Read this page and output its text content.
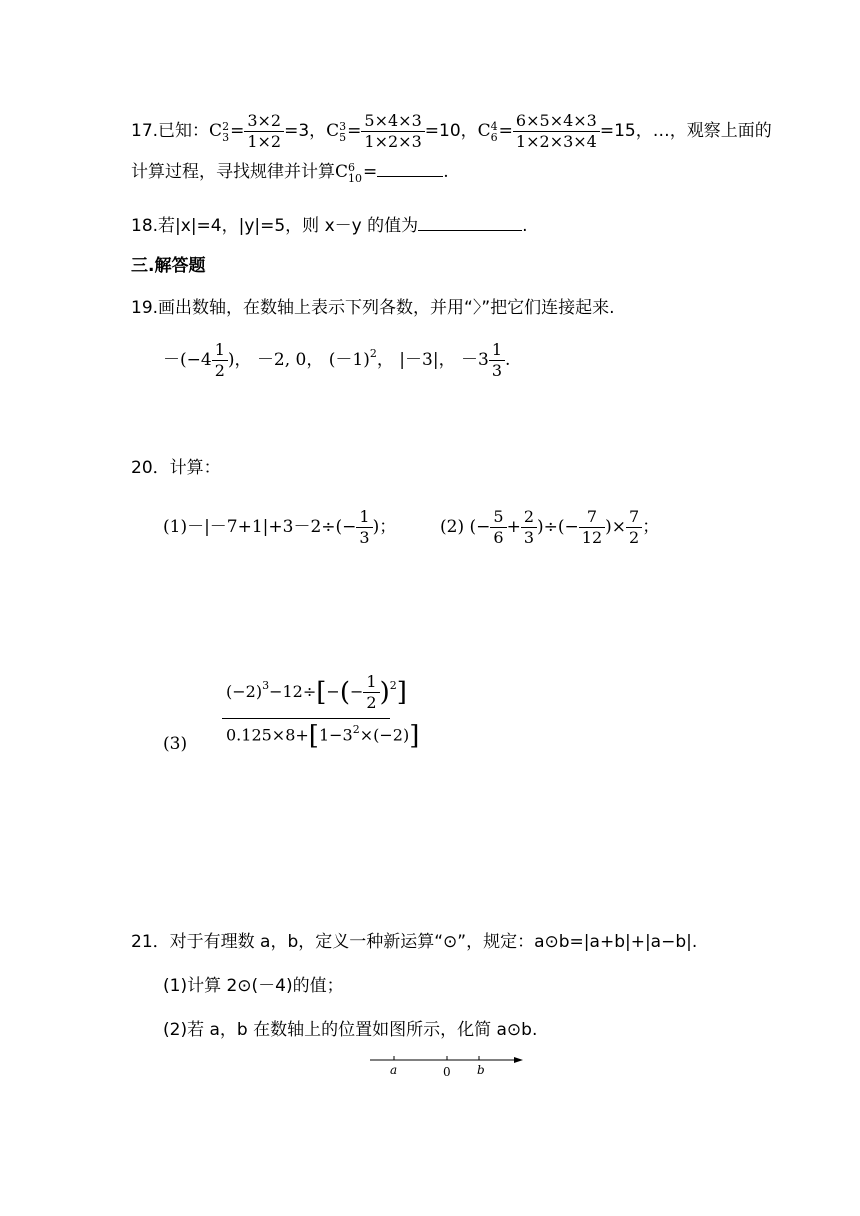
17.已知：C 2
$3 = \frac{3\times 2}{1\times 2} =3$，C 3
$5 = \frac{5\times 4\times 3}{1\times 2\times 3} =10$，C 4
$6 = \frac{6\times 5\times 4\times 3}{1\times 2\times 3\times 4} =15$，…，观察上面的
计算过程，寻找规律并计算C 6
10 =	.
18.若|x|=4，|y|=5，则 x－y 的值为	.
三.解答题
19.画出数轴，在数轴上表示下列各数，并用“〉”把它们连接起来.
$-(-4 \frac{1}{2}$ )， －2, 0， $(-1)^2$， |－3|， $-3 \frac{1}{3}$ .
20．计算：
$(1)-|-7+1|+3-2\div(- \frac{1}{3}$ )；	(2) (− $\frac{5}{6} + \frac{2}{3}$ )÷(− $\frac{7}{12}$ )× $\frac{7}{2}$ ；
(3)
$(-2)^3-12\div[-(- \frac{1}{2} )^2]$
$0.125\times 8+[1-3^2\times(-2)]$
21．对于有理数 a，b，定义一种新运算“⊙”，规定：a⊙b=|a+b|+|a−b|.
(1)计算 2⊙(－4)的值；
(2)若 a，b 在数轴上的位置如图所示，化简 a⊙b.
a	0 b
